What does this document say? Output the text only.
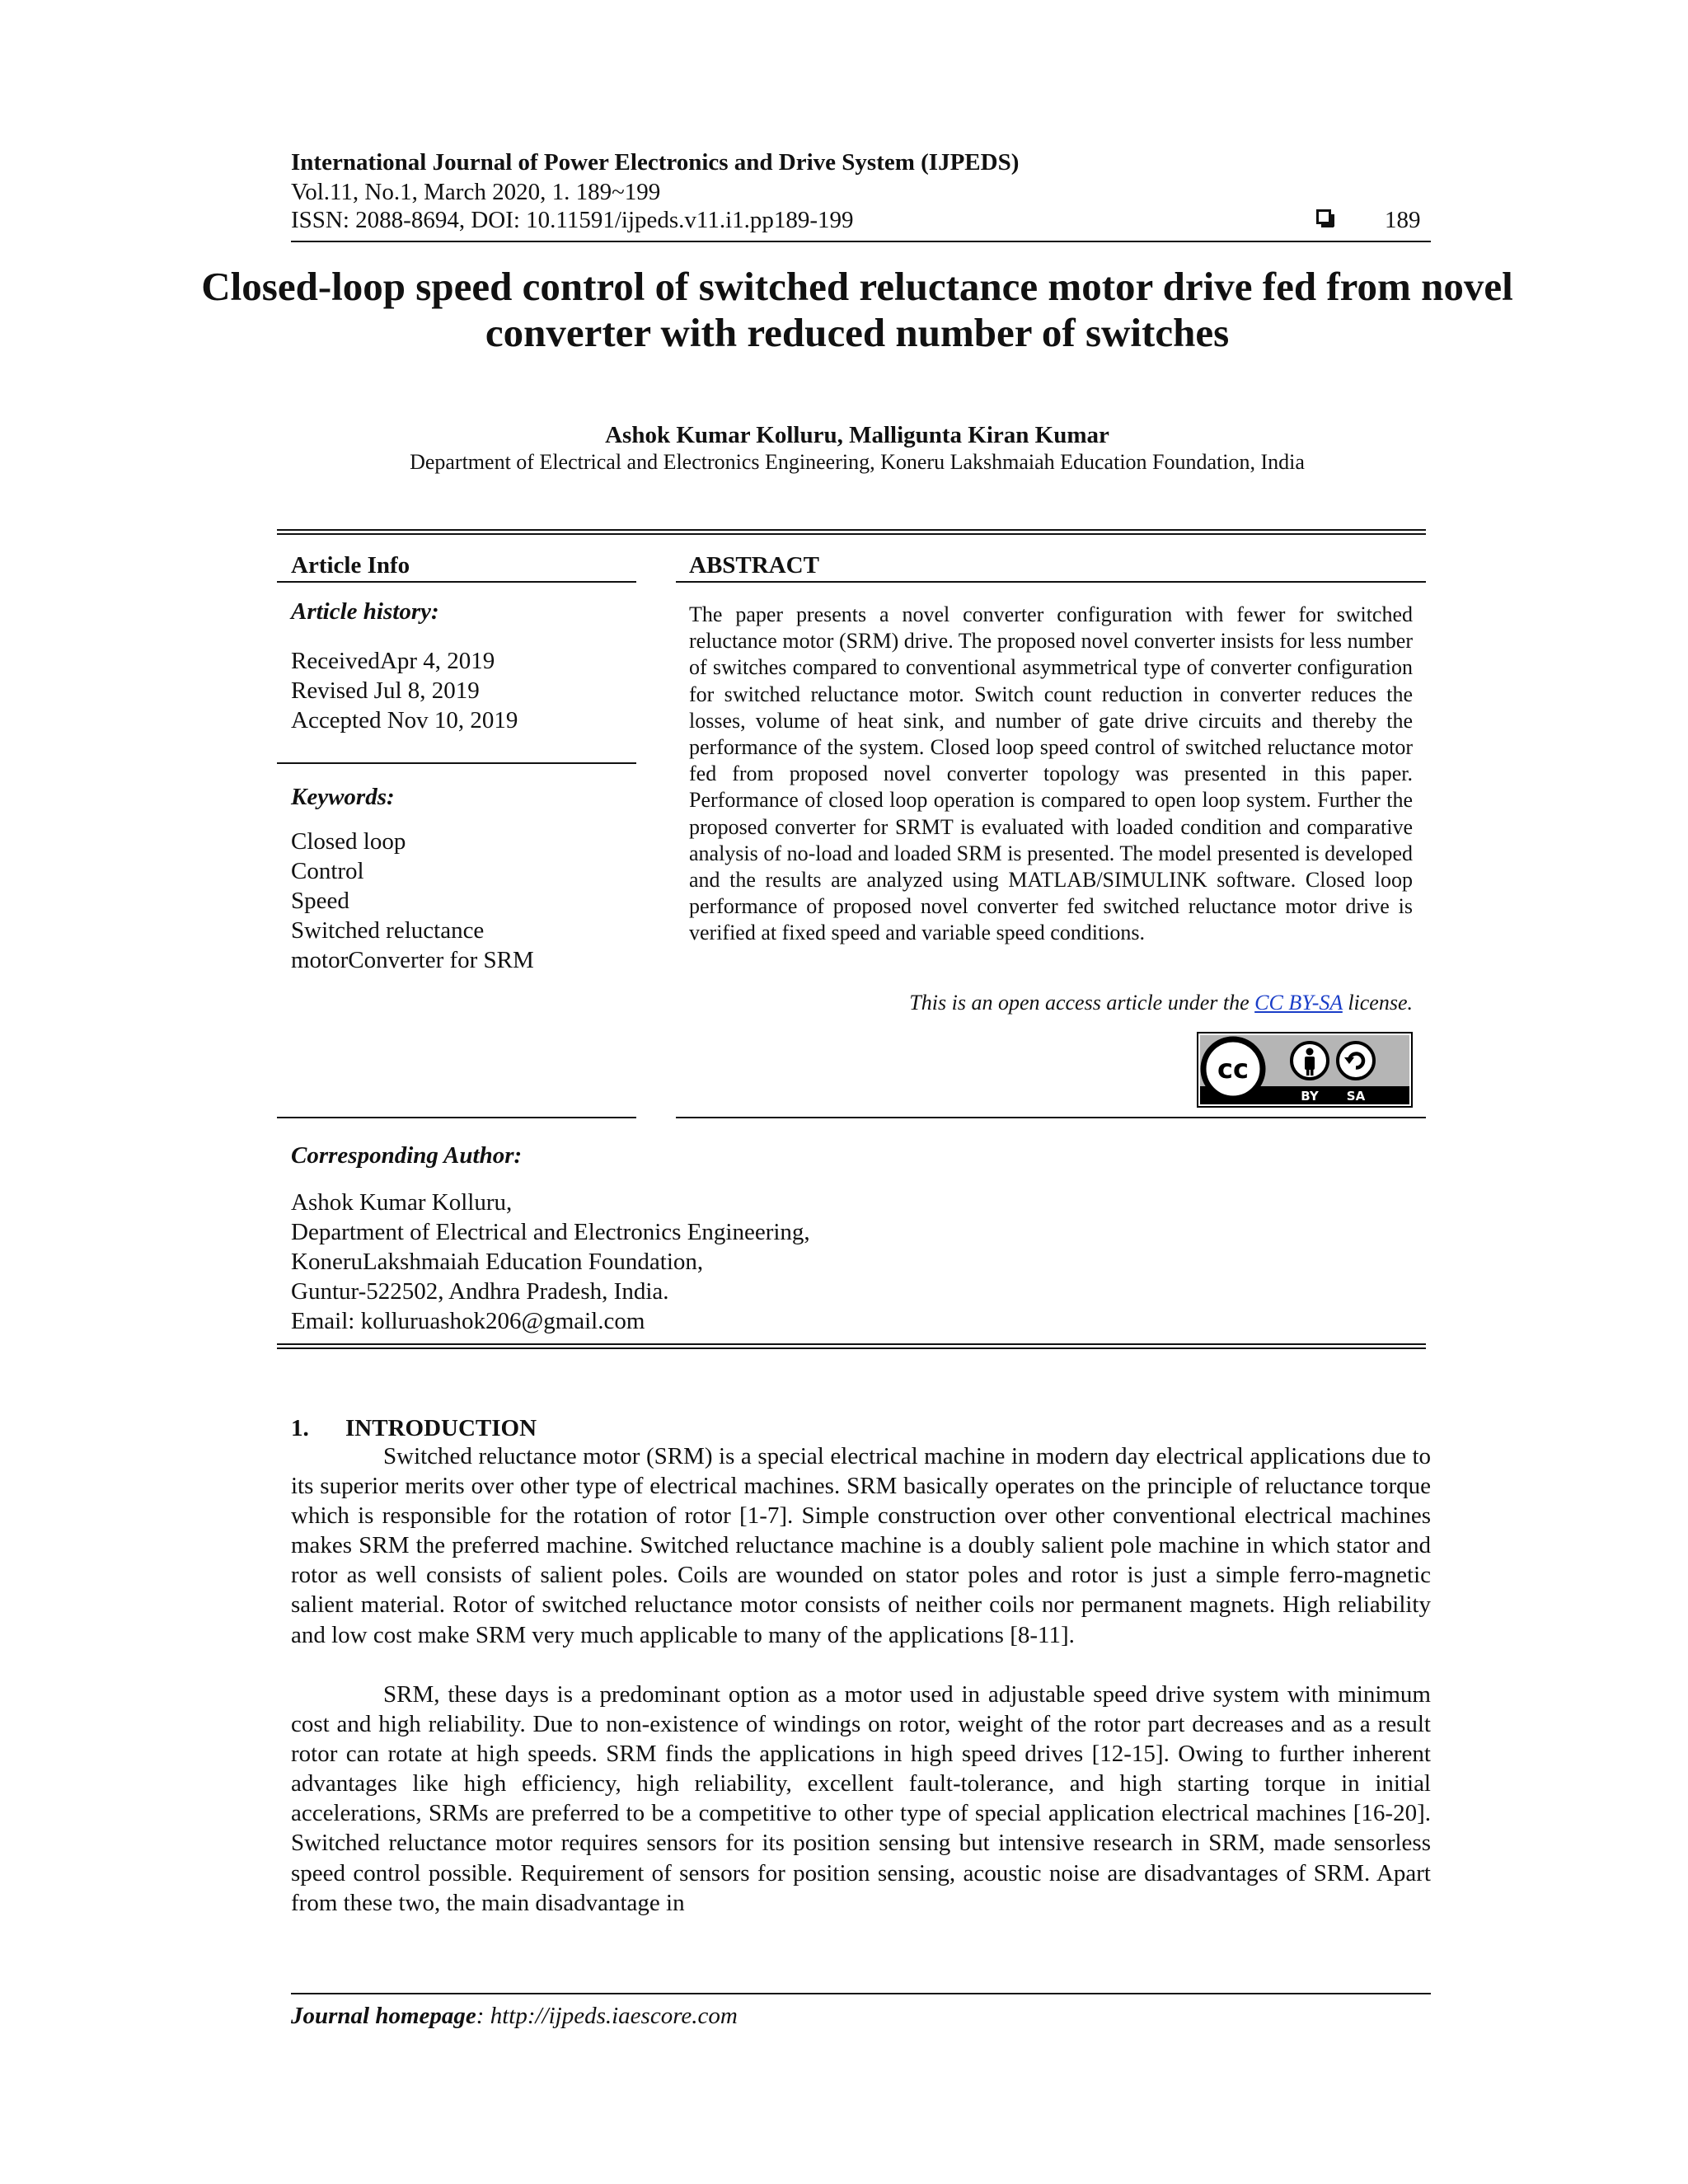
International Journal of Power Electronics and Drive System (IJPEDS)
Vol.11, No.1, March 2020, 1. 189~199
ISSN: 2088-8694, DOI: 10.11591/ijpeds.v11.i1.pp189-199	189
Closed-loop speed control of switched reluctance motor drive fed from novel converter with reduced number of switches
Ashok Kumar Kolluru, Malligunta Kiran Kumar
Department of Electrical and Electronics Engineering, Koneru Lakshmaiah Education Foundation, India
Article Info
Article history:
ReceivedApr 4, 2019
Revised Jul 8, 2019
Accepted Nov 10, 2019
Keywords:
Closed loop
Control
Speed
Switched reluctance
motorConverter for SRM
ABSTRACT
The paper presents a novel converter configuration with fewer for switched reluctance motor (SRM) drive. The proposed novel converter insists for less number of switches compared to conventional asymmetrical type of converter configuration for switched reluctance motor. Switch count reduction in converter reduces the losses, volume of heat sink, and number of gate drive circuits and thereby the performance of the system. Closed loop speed control of switched reluctance motor fed from proposed novel converter topology was presented in this paper. Performance of closed loop operation is compared to open loop system. Further the proposed converter for SRMT is evaluated with loaded condition and comparative analysis of no-load and loaded SRM is presented. The model presented is developed and the results are analyzed using MATLAB/SIMULINK software. Closed loop performance of proposed novel converter fed switched reluctance motor drive is verified at fixed speed and variable speed conditions.
This is an open access article under the CC BY-SA license.
cc
BY SA
Corresponding Author:
Ashok Kumar Kolluru,
Department of Electrical and Electronics Engineering,
KoneruLakshmaiah Education Foundation,
Guntur-522502, Andhra Pradesh, India.
Email: kolluruashok206@gmail.com
1. INTRODUCTION
Switched reluctance motor (SRM) is a special electrical machine in modern day electrical applications due to its superior merits over other type of electrical machines. SRM basically operates on the principle of reluctance torque which is responsible for the rotation of rotor [1-7]. Simple construction over other conventional electrical machines makes SRM the preferred machine. Switched reluctance machine is a doubly salient pole machine in which stator and rotor as well consists of salient poles. Coils are wounded on stator poles and rotor is just a simple ferro-magnetic salient material. Rotor of switched reluctance motor consists of neither coils nor permanent magnets. High reliability and low cost make SRM very much applicable to many of the applications [8-11].
SRM, these days is a predominant option as a motor used in adjustable speed drive system with minimum cost and high reliability. Due to non-existence of windings on rotor, weight of the rotor part decreases and as a result rotor can rotate at high speeds. SRM finds the applications in high speed drives [12-15]. Owing to further inherent advantages like high efficiency, high reliability, excellent fault-tolerance, and high starting torque in initial accelerations, SRMs are preferred to be a competitive to other type of special application electrical machines [16-20]. Switched reluctance motor requires sensors for its position sensing but intensive research in SRM, made sensorless speed control possible. Requirement of sensors for position sensing, acoustic noise are disadvantages of SRM. Apart from these two, the main disadvantage in
Journal homepage: http://ijpeds.iaescore.com
